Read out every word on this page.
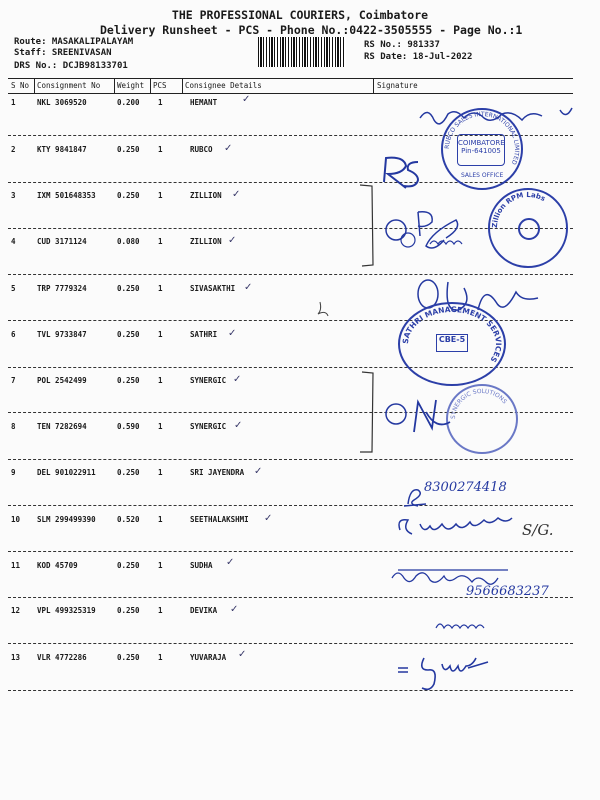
THE PROFESSIONAL COURIERS, Coimbatore
Delivery Runsheet - PCS - Phone No.:0422-3505555 - Page No.:1
Route: MASAKALIPALAYAM
Staff: SREENIVASAN
DRS No.: DCJB98133701
RS No.: 981337
RS Date: 18-Jul-2022
S No Consignment No Weight PCS Consignee Details	Signature
1	NKL 3069520	0.200 1	HEMANT ✓
2	KTY 9841847	0.250 1	RUBCO ✓
3	IXM 501648353	0.250 1	ZILLION ✓
4	CUD 3171124	0.080 1	ZILLION ✓
5	TRP 7779324	0.250 1	SIVASAKTHI ✓
6	TVL 9733847	0.250 1	SATHRI ✓
7	POL 2542499	0.250 1	SYNERGIC ✓
8	TEN 7282694	0.590 1	SYNERGIC ✓
9	DEL 901022911	0.250 1	SRI JAYENDRA ✓
10 SLM 299499390	0.520 1	SEETHALAKSHMI ✓
11 KOD 45709	0.250 1	SUDHA ✓
12 VPL 499325319	0.250 1	DEVIKA ✓
13 VLR 4772286	0.250 1	YUVARAJA ✓
RUBCO SALES INTERNATIONAL LIMITED
COIMBATORE
Pin-641005
SALES OFFICE
Zillion RPM Labs
SATHRI MANAGEMENT SERVICES
CBE-5
SYNERGIC SOLUTIONS
8300274418
S/G.
9566683237
